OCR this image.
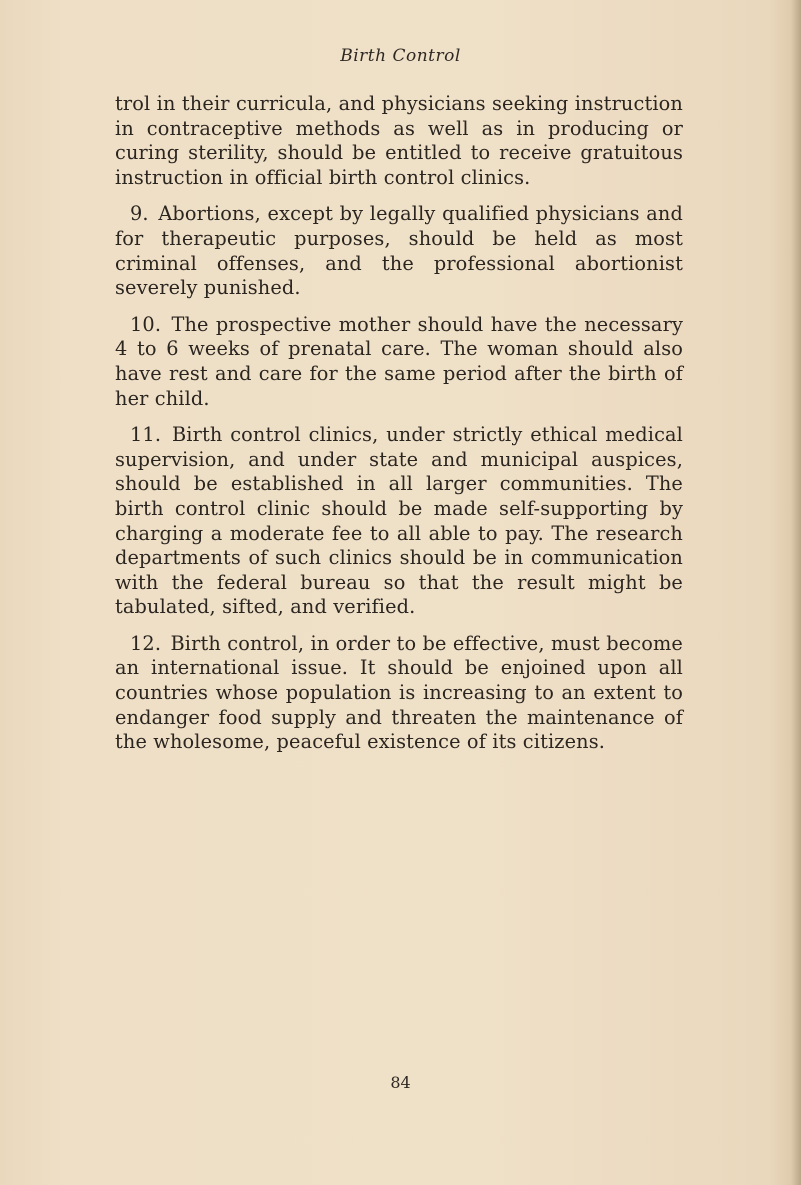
Birth Control

trol in their curricula, and physicians seeking instruction in contraceptive methods as well as in producing or curing sterility, should be entitled to receive gratuitous instruction in official birth control clinics.

9. Abortions, except by legally qualified physicians and for therapeutic purposes, should be held as most criminal offenses, and the professional abortionist severely punished.

10. The prospective mother should have the necessary 4 to 6 weeks of prenatal care. The woman should also have rest and care for the same period after the birth of her child.

11. Birth control clinics, under strictly ethical medical supervision, and under state and municipal auspices, should be established in all larger communities. The birth control clinic should be made self-supporting by charging a moderate fee to all able to pay. The research departments of such clinics should be in communication with the federal bureau so that the result might be tabulated, sifted, and verified.

12. Birth control, in order to be effective, must become an international issue. It should be enjoined upon all countries whose population is increasing to an extent to endanger food supply and threaten the maintenance of the wholesome, peaceful existence of its citizens.

84
